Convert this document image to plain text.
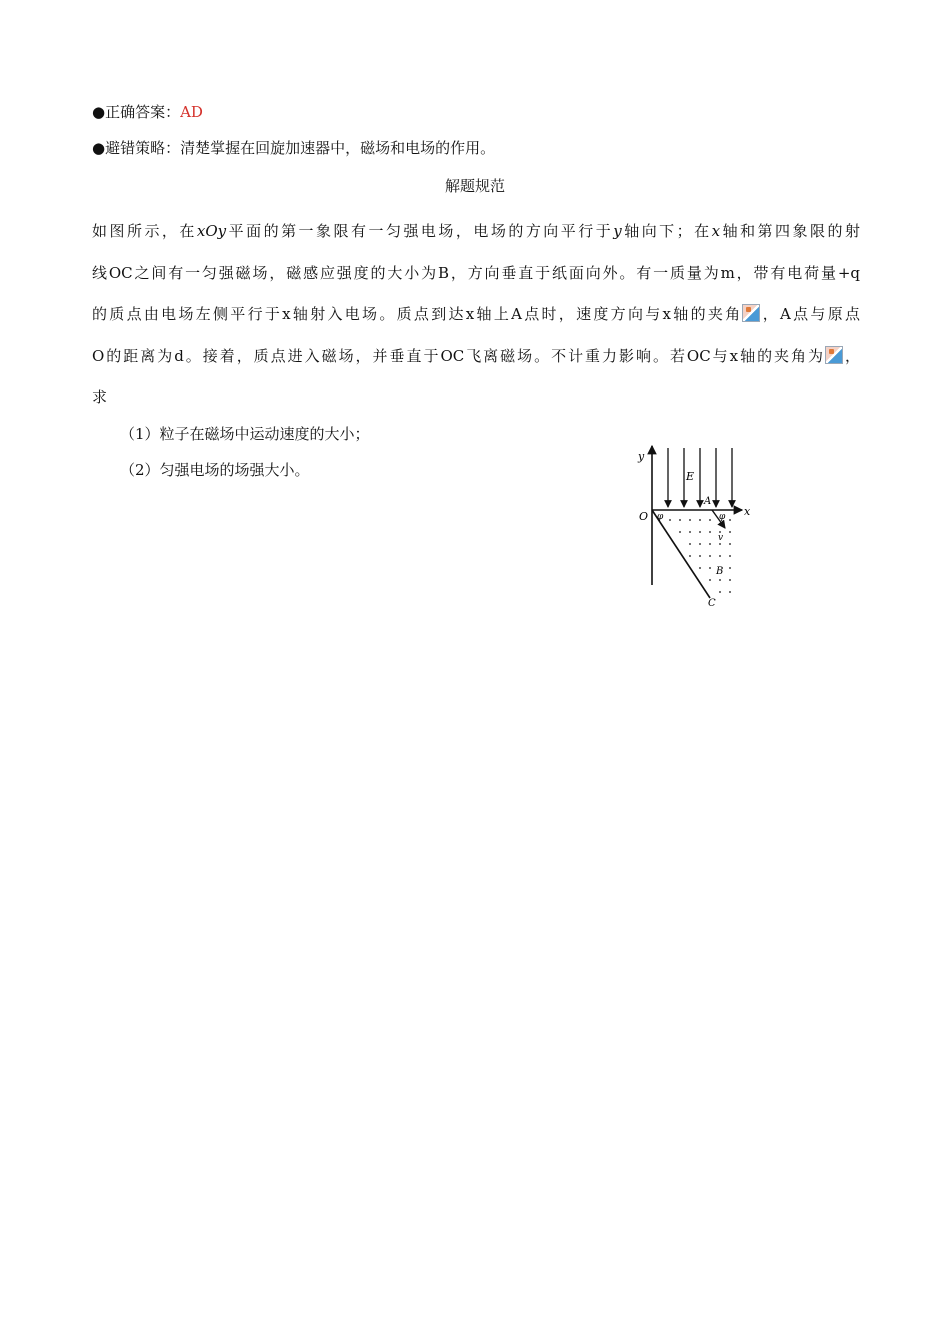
●正确答案：AD
●避错策略：清楚掌握在回旋加速器中，磁场和电场的作用。
解题规范
如图所示，在xOy平面的第一象限有一匀强电场，电场的方向平行于y轴向下；在x轴和第四象限的射
线OC之间有一匀强磁场，磁感应强度的大小为B，方向垂直于纸面向外。有一质量为m，带有电荷量+q
的质点由电场左侧平行于x轴射入电场。质点到达x轴上A点时，速度方向与x轴的夹角 ，A点与原点
O的距离为d。接着，质点进入磁场，并垂直于OC飞离磁场。不计重力影响。若OC与x轴的夹角为 ，
求
（1）粒子在磁场中运动速度的大小；
（2）匀强电场的场强大小。
y
x
O
E
A
φ	φ
v
B
C
